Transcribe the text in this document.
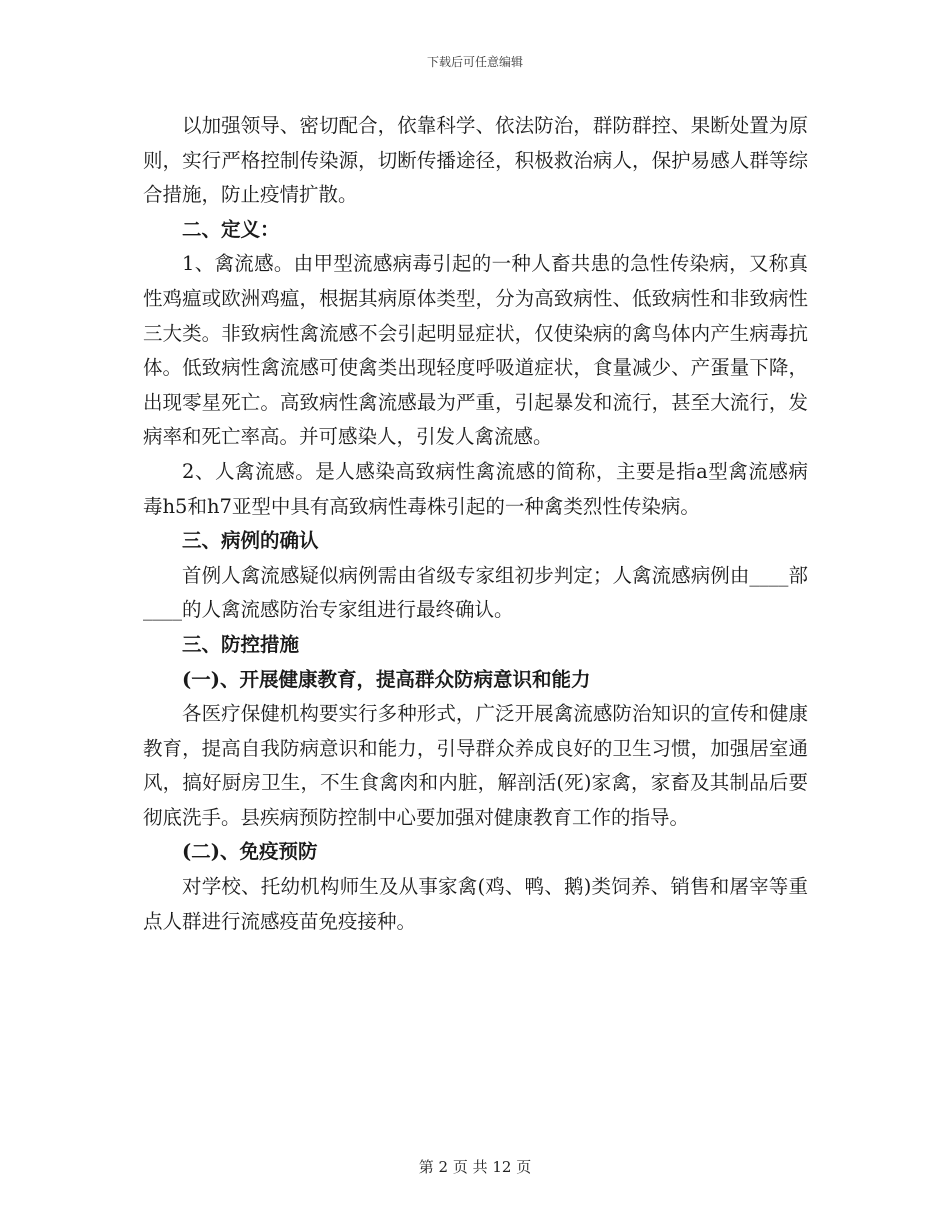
下载后可任意编辑

以加强领导、密切配合，依靠科学、依法防治，群防群控、果断处置为原则，实行严格控制传染源，切断传播途径，积极救治病人，保护易感人群等综合措施，防止疫情扩散。

二、定义：

1、禽流感。由甲型流感病毒引起的一种人畜共患的急性传染病，又称真性鸡瘟或欧洲鸡瘟，根据其病原体类型，分为高致病性、低致病性和非致病性三大类。非致病性禽流感不会引起明显症状，仅使染病的禽鸟体内产生病毒抗体。低致病性禽流感可使禽类出现轻度呼吸道症状，食量减少、产蛋量下降，出现零星死亡。高致病性禽流感最为严重，引起暴发和流行，甚至大流行，发病率和死亡率高。并可感染人，引发人禽流感。

2、人禽流感。是人感染高致病性禽流感的简称，主要是指a型禽流感病毒h5和h7亚型中具有高致病性毒株引起的一种禽类烈性传染病。

三、病例的确认

首例人禽流感疑似病例需由省级专家组初步判定；人禽流感病例由____部____的人禽流感防治专家组进行最终确认。

三、防控措施
(一)、开展健康教育，提高群众防病意识和能力

各医疗保健机构要实行多种形式，广泛开展禽流感防治知识的宣传和健康教育，提高自我防病意识和能力，引导群众养成良好的卫生习惯，加强居室通风，搞好厨房卫生，不生食禽肉和内脏，解剖活(死)家禽，家畜及其制品后要彻底洗手。县疾病预防控制中心要加强对健康教育工作的指导。

(二)、免疫预防

对学校、托幼机构师生及从事家禽(鸡、鸭、鹅)类饲养、销售和屠宰等重点人群进行流感疫苗免疫接种。

第 2 页 共 12 页
